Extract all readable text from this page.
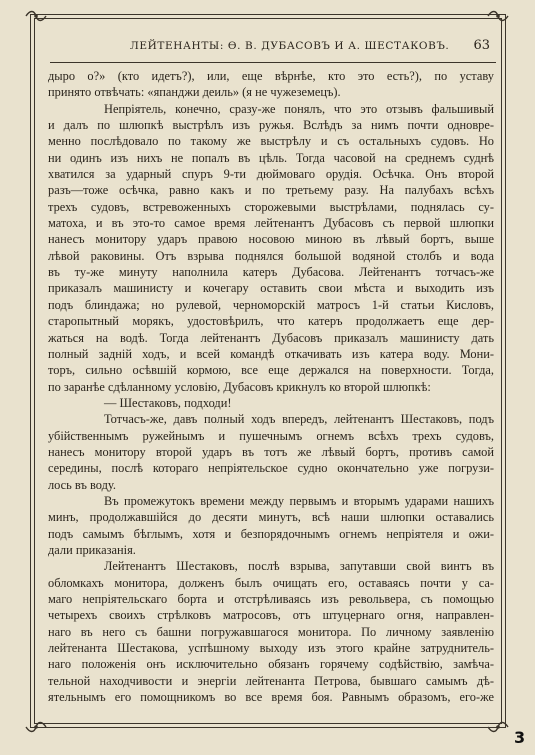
ЛЕЙТЕНАНТЫ: Ѳ. В. ДУБАСОВЪ И А. ШЕСТАКОВЪ. 63
дыро о?» (кто идетъ?), или, еще вѣрнѣе, кто это есть?), по уставу
принято отвѣчать: «япанджи деиль» (я не чужеземецъ).
Непріятель, конечно, сразу-же понялъ, что это отзывъ фальшивый
и далъ по шлюпкѣ выстрѣлъ изъ ружья. Вслѣдъ за нимъ почти одновре-
менно послѣдовало по такому же выстрѣлу и съ остальныхъ судовъ. Но
ни одинъ изъ нихъ не попалъ въ цѣль. Тогда часовой на среднемъ суднѣ
хватился за ударный спуръ 9-ти дюймоваго орудія. Осѣчка. Онъ второй
разъ—тоже осѣчка, равно какъ и по третьему разу. На палубахъ всѣхъ
трехъ судовъ, встревоженныхъ сторожевыми выстрѣлами, поднялась су-
матоха, и въ это-то самое время лейтенантъ Дубасовъ съ первой шлюпки
нанесъ монитору ударъ правою носовою миною въ лѣвый бортъ, выше
лѣвой раковины. Отъ взрыва поднялся большой водяной столбъ и вода
въ ту-же минуту наполнила катеръ Дубасова. Лейтенантъ тотчасъ-же
приказалъ машинисту и кочегару оставить свои мѣста и выходить изъ
подъ блиндажа; но рулевой, черноморскій матросъ 1-й статьи Кисловъ,
старопытный морякъ, удостовѣрилъ, что катеръ продолжаетъ еще дер-
жаться на водѣ. Тогда лейтенантъ Дубасовъ приказалъ машинисту дать
полный задній ходъ, и всей командѣ откачивать изъ катера воду. Мони-
торъ, сильно осѣвшій кормою, все еще держался на поверхности. Тогда,
по заранѣе сдѣланному условію, Дубасовъ крикнулъ ко второй шлюпкѣ:
— Шестаковъ, подходи!
Тотчасъ-же, давъ полный ходъ впередъ, лейтенантъ Шестаковъ, подъ
убійственнымъ ружейнымъ и пушечнымъ огнемъ всѣхъ трехъ судовъ,
нанесъ монитору второй ударъ въ тотъ же лѣвый бортъ, противъ самой
середины, послѣ котораго непріятельское судно окончательно уже погрузи-
лось въ воду.
Въ промежутокъ времени между первымъ и вторымъ ударами нашихъ
минъ, продолжавшійся до десяти минутъ, всѣ наши шлюпки оставались
подъ самымъ бѣглымъ, хотя и безпорядочнымъ огнемъ непріятеля и ожи-
дали приказанія.
Лейтенантъ Шестаковъ, послѣ взрыва, запутавши свой винтъ въ
обломкахъ монитора, долженъ былъ очищать его, оставаясь почти у са-
маго непріятельскаго борта и отстрѣливаясь изъ револьвера, съ помощью
четырехъ своихъ стрѣлковъ матросовъ, отъ штуцернаго огня, направлен-
наго въ него съ башни погружавшагося монитора. По личному заявленію
лейтенанта Шестакова, успѣшному выходу изъ этого крайне затруднитель-
наго положенія онъ исключительно обязанъ горячему содѣйствію, замѣча-
тельной находчивости и энергіи лейтенанта Петрова, бывшаго самымъ дѣ-
ятельнымъ его помощникомъ во все время боя. Равнымъ образомъ, его-же
3
